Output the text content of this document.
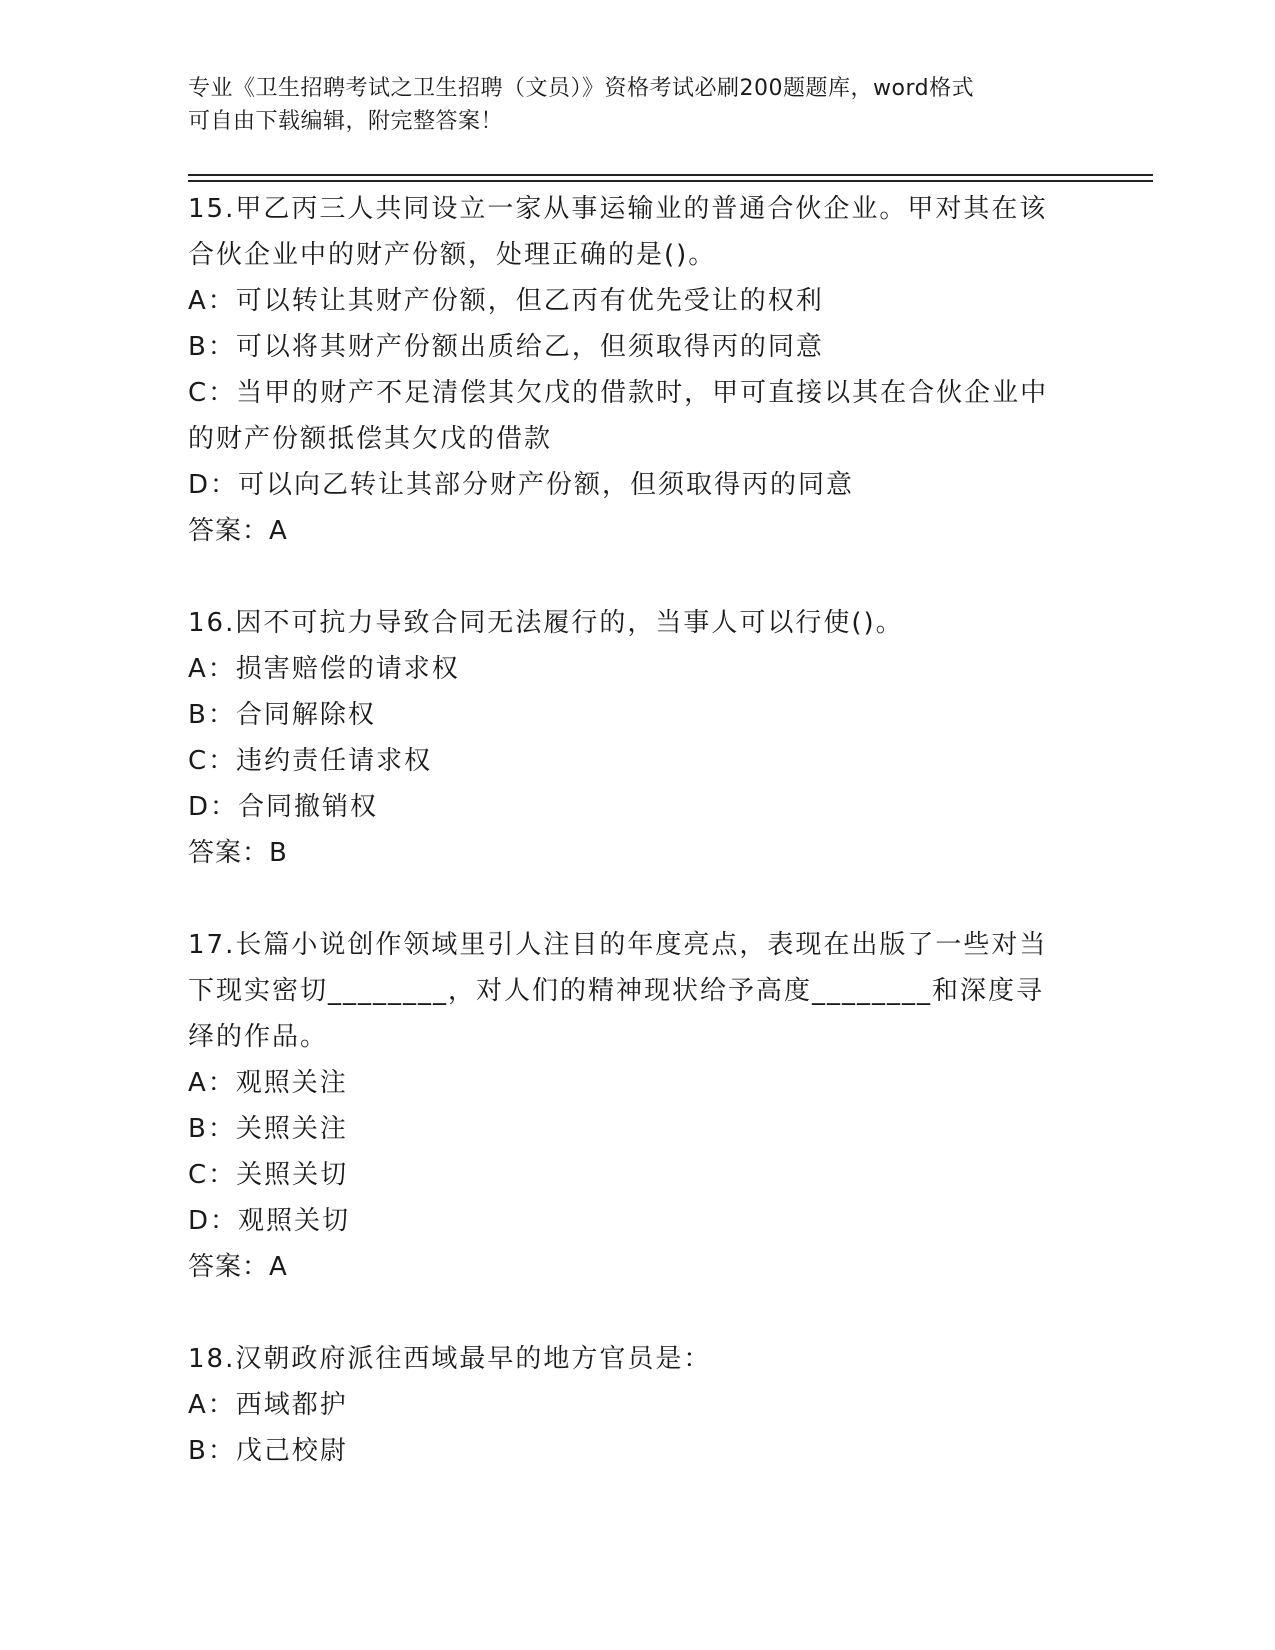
专业《卫生招聘考试之卫生招聘（文员）》资格考试必刷200题题库，word格式
可自由下载编辑，附完整答案！
15.甲乙丙三人共同设立一家从事运输业的普通合伙企业。甲对其在该
合伙企业中的财产份额，处理正确的是()。
A：可以转让其财产份额，但乙丙有优先受让的权利
B：可以将其财产份额出质给乙，但须取得丙的同意
C：当甲的财产不足清偿其欠戊的借款时，甲可直接以其在合伙企业中
的财产份额抵偿其欠戊的借款
D：可以向乙转让其部分财产份额，但须取得丙的同意
答案：A
16.因不可抗力导致合同无法履行的，当事人可以行使()。
A：损害赔偿的请求权
B：合同解除权
C：违约责任请求权
D：合同撤销权
答案：B
17.长篇小说创作领域里引人注目的年度亮点，表现在出版了一些对当
下现实密切________，对人们的精神现状给予高度________和深度寻
绎的作品。
A：观照关注
B：关照关注
C：关照关切
D：观照关切
答案：A
18.汉朝政府派往西域最早的地方官员是：
A：西域都护
B：戊己校尉
